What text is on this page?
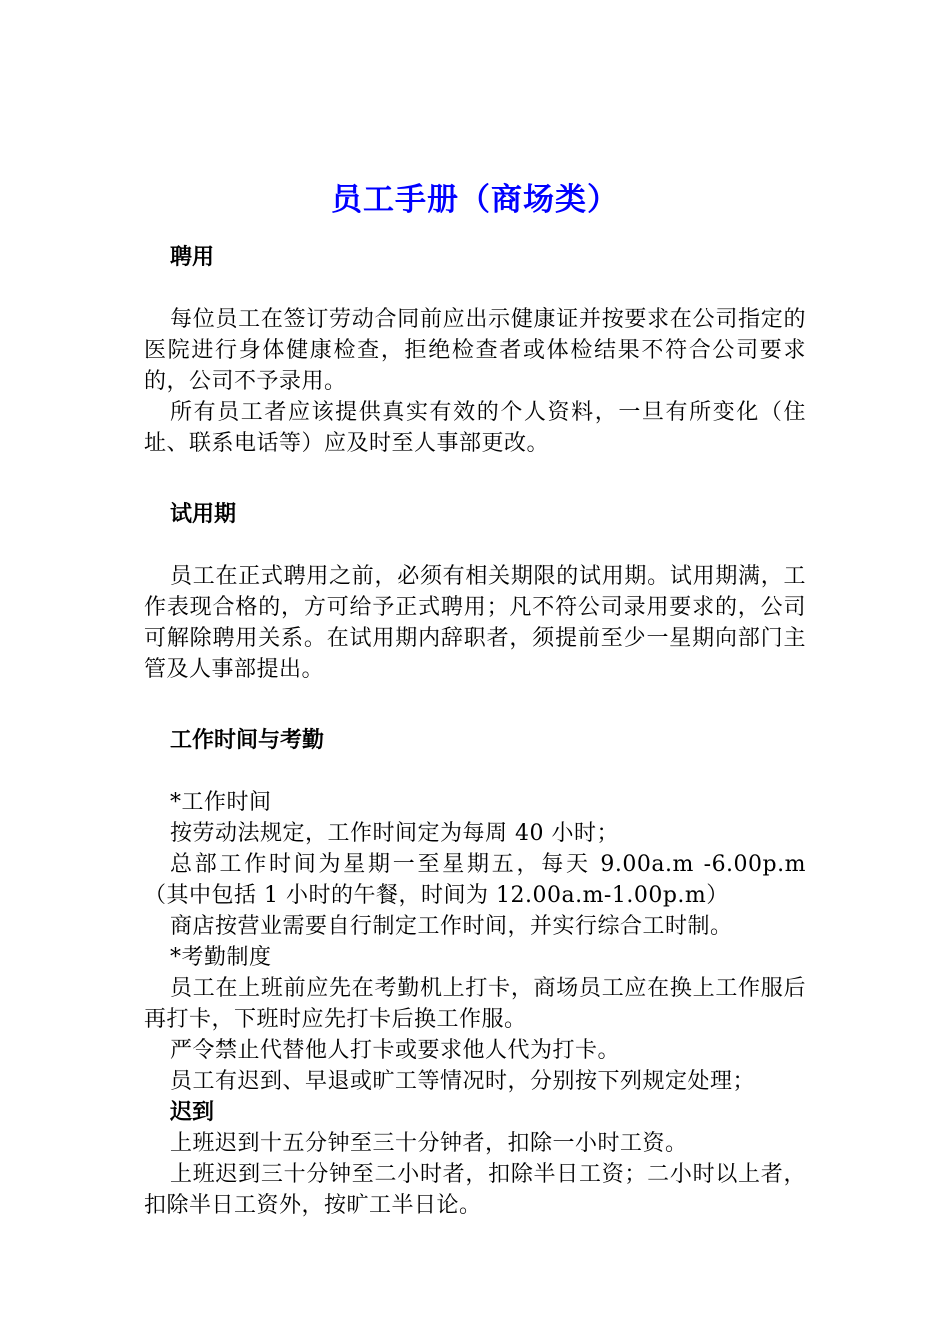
员工手册（商场类）
聘用

每位员工在签订劳动合同前应出示健康证并按要求在公司指定的医院进行身体健康检查，拒绝检查者或体检结果不符合公司要求的，公司不予录用。

所有员工者应该提供真实有效的个人资料，一旦有所变化（住址、联系电话等）应及时至人事部更改。

试用期

员工在正式聘用之前，必须有相关期限的试用期。试用期满，工作表现合格的，方可给予正式聘用；凡不符公司录用要求的，公司可解除聘用关系。在试用期内辞职者，须提前至少一星期向部门主管及人事部提出。

工作时间与考勤

*工作时间

按劳动法规定，工作时间定为每周 40 小时；

总部工作时间为星期一至星期五，每天 9.00a.m -6.00p.m（其中包括 1 小时的午餐，时间为 12.00a.m-1.00p.m）

商店按营业需要自行制定工作时间，并实行综合工时制。

*考勤制度

员工在上班前应先在考勤机上打卡，商场员工应在换上工作服后再打卡，下班时应先打卡后换工作服。

严令禁止代替他人打卡或要求他人代为打卡。

员工有迟到、早退或旷工等情况时，分别按下列规定处理；

迟到

上班迟到十五分钟至三十分钟者，扣除一小时工资。

上班迟到三十分钟至二小时者，扣除半日工资；二小时以上者，扣除半日工资外，按旷工半日论。
